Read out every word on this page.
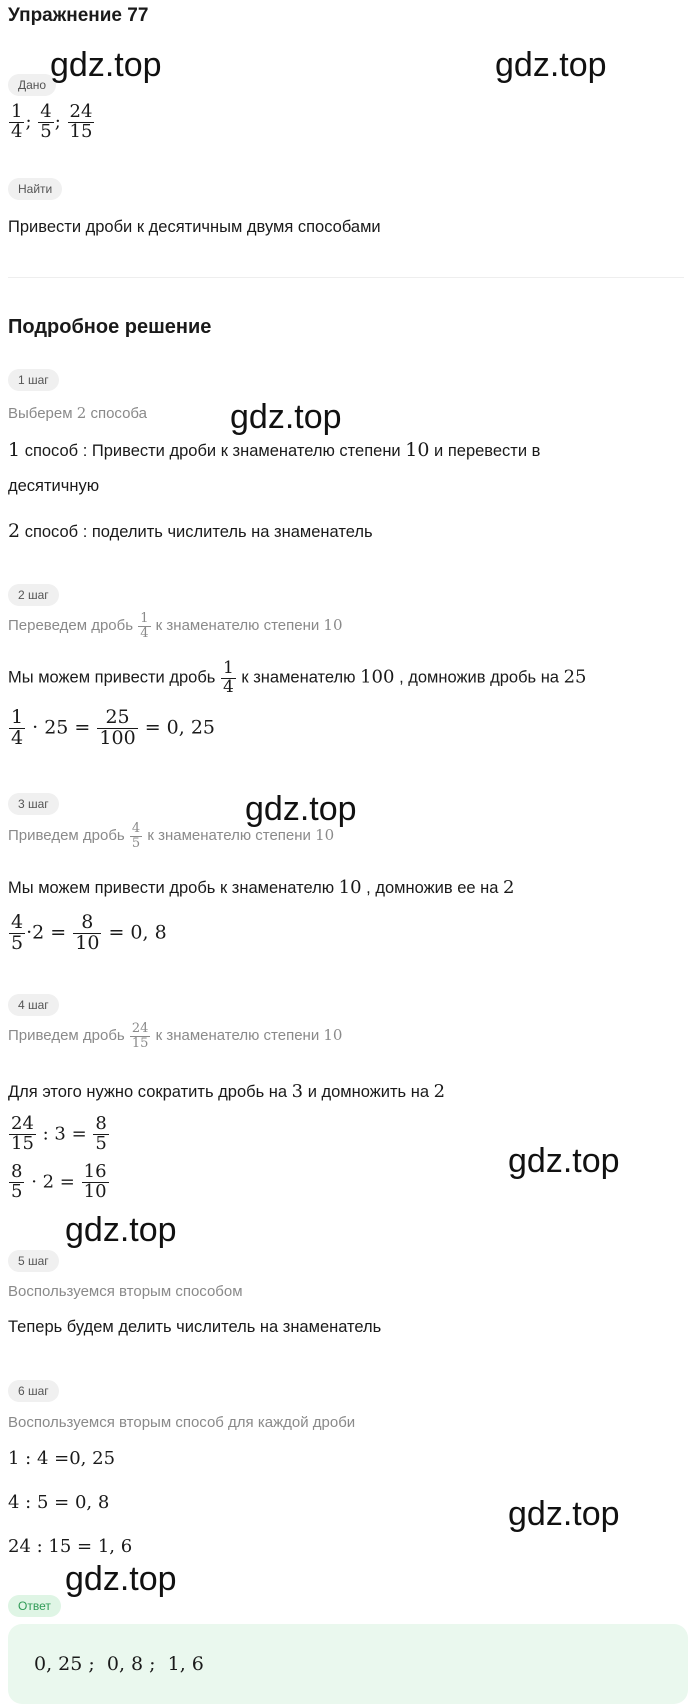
Упражнение 77
Дано
$\frac{1}{4}$ ; $\frac{4}{5}$ ; $\frac{24}{15}$
Найти
Привести дроби к десятичным двумя способами
Подробное решение
1 шаг
Выберем 2 способа
1 способ : Привести дроби к знаменателю степени 10 и перевести в
десятичную
2 способ : поделить числитель на знаменатель
2 шаг
Переведем дробь $\frac{1}{4}$ к знаменателю степени 10
Мы можем привести дробь $\frac{1}{4}$ к знаменателю 100 , домножив дробь на 25
$\frac{1}{4} \cdot 25 = \frac{25}{100} = 0$, 25
3 шаг
Приведем дробь $\frac{4}{5}$ к знаменателю степени 10
Мы можем привести дробь к знаменателю 10 , домножив ее на 2
$\frac{4}{5} \cdot 2 = \frac{8}{10} = 0$, 8
4 шаг
Приведем дробь $\frac{24}{15}$ к знаменателю степени 10
Для этого нужно сократить дробь на 3 и домножить на 2
$\frac{24}{15}$ : $3 = \frac{8}{5}$
$\frac{8}{5} \cdot 2 = \frac{16}{10}$
5 шаг
Воспользуемся вторым способом
Теперь будем делить числитель на знаменатель
6 шаг
Воспользуемся вторым способ для каждой дроби
1 : 4 =0, 25
4 : 5 = 0, 8
24 : 15 = 1, 6
Ответ
0, 25 ;  0, 8 ;  1, 6
gdz.top	gdz.top
gdz.top
gdz.top
gdz.top
gdz.top
gdz.top
gdz.top
